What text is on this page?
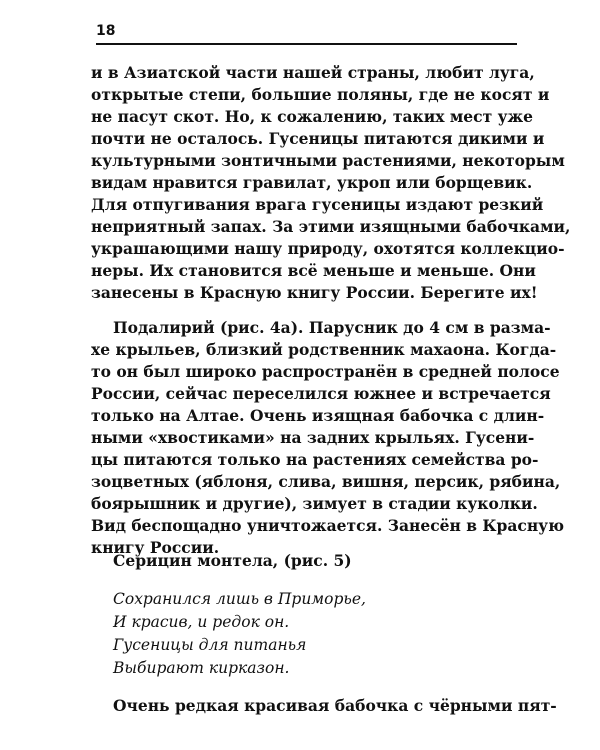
18
и в Азиатской части нашей страны, любит луга,
открытые степи, большие поляны, где не косят и
не пасут скот. Но, к сожалению, таких мест уже
почти не осталось. Гусеницы питаются дикими и
культурными зонтичными растениями, некоторым
видам нравится гравилат, укроп или борщевик.
Для отпугивания врага гусеницы издают резкий
неприятный запах. За этими изящными бабочками,
украшающими нашу природу, охотятся коллекцио-
неры. Их становится всё меньше и меньше. Они
занесены в Красную книгу России. Берегите их!
Подалирий (рис. 4а). Парусник до 4 см в разма-
хе крыльев, близкий родственник махаона. Когда-
то он был широко распространён в средней полосе
России, сейчас переселился южнее и встречается
только на Алтае. Очень изящная бабочка с длин-
ными «хвостиками» на задних крыльях. Гусени-
цы питаются только на растениях семейства ро-
зоцветных (яблоня, слива, вишня, персик, рябина,
боярышник и другие), зимует в стадии куколки.
Вид беспощадно уничтожается. Занесён в Красную
книгу России.
Серицин монтела, (рис. 5)
Сохранился лишь в Приморье,
И красив, и редок он.
Гусеницы для питанья
Выбирают кирказон.
Очень редкая красивая бабочка с чёрными пят-
